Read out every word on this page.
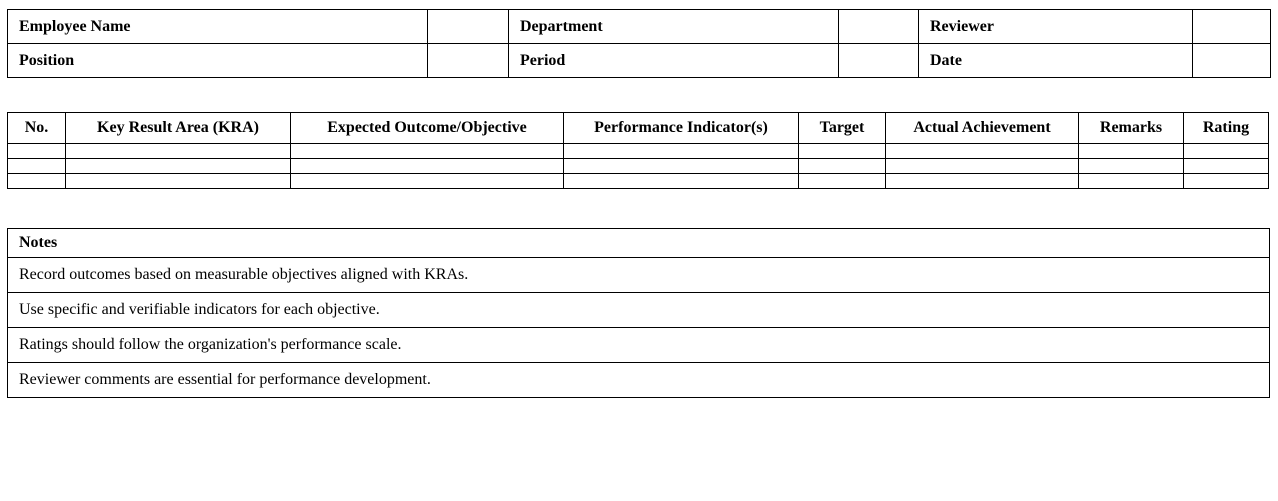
Employee Name		Department		Reviewer	
Position		Period		Date	
No.	Key Result Area (KRA)	Expected Outcome/Objective	Performance Indicator(s)	Target	Actual Achievement	Remarks	Rating

Notes
Record outcomes based on measurable objectives aligned with KRAs.
Use specific and verifiable indicators for each objective.
Ratings should follow the organization's performance scale.
Reviewer comments are essential for performance development.
